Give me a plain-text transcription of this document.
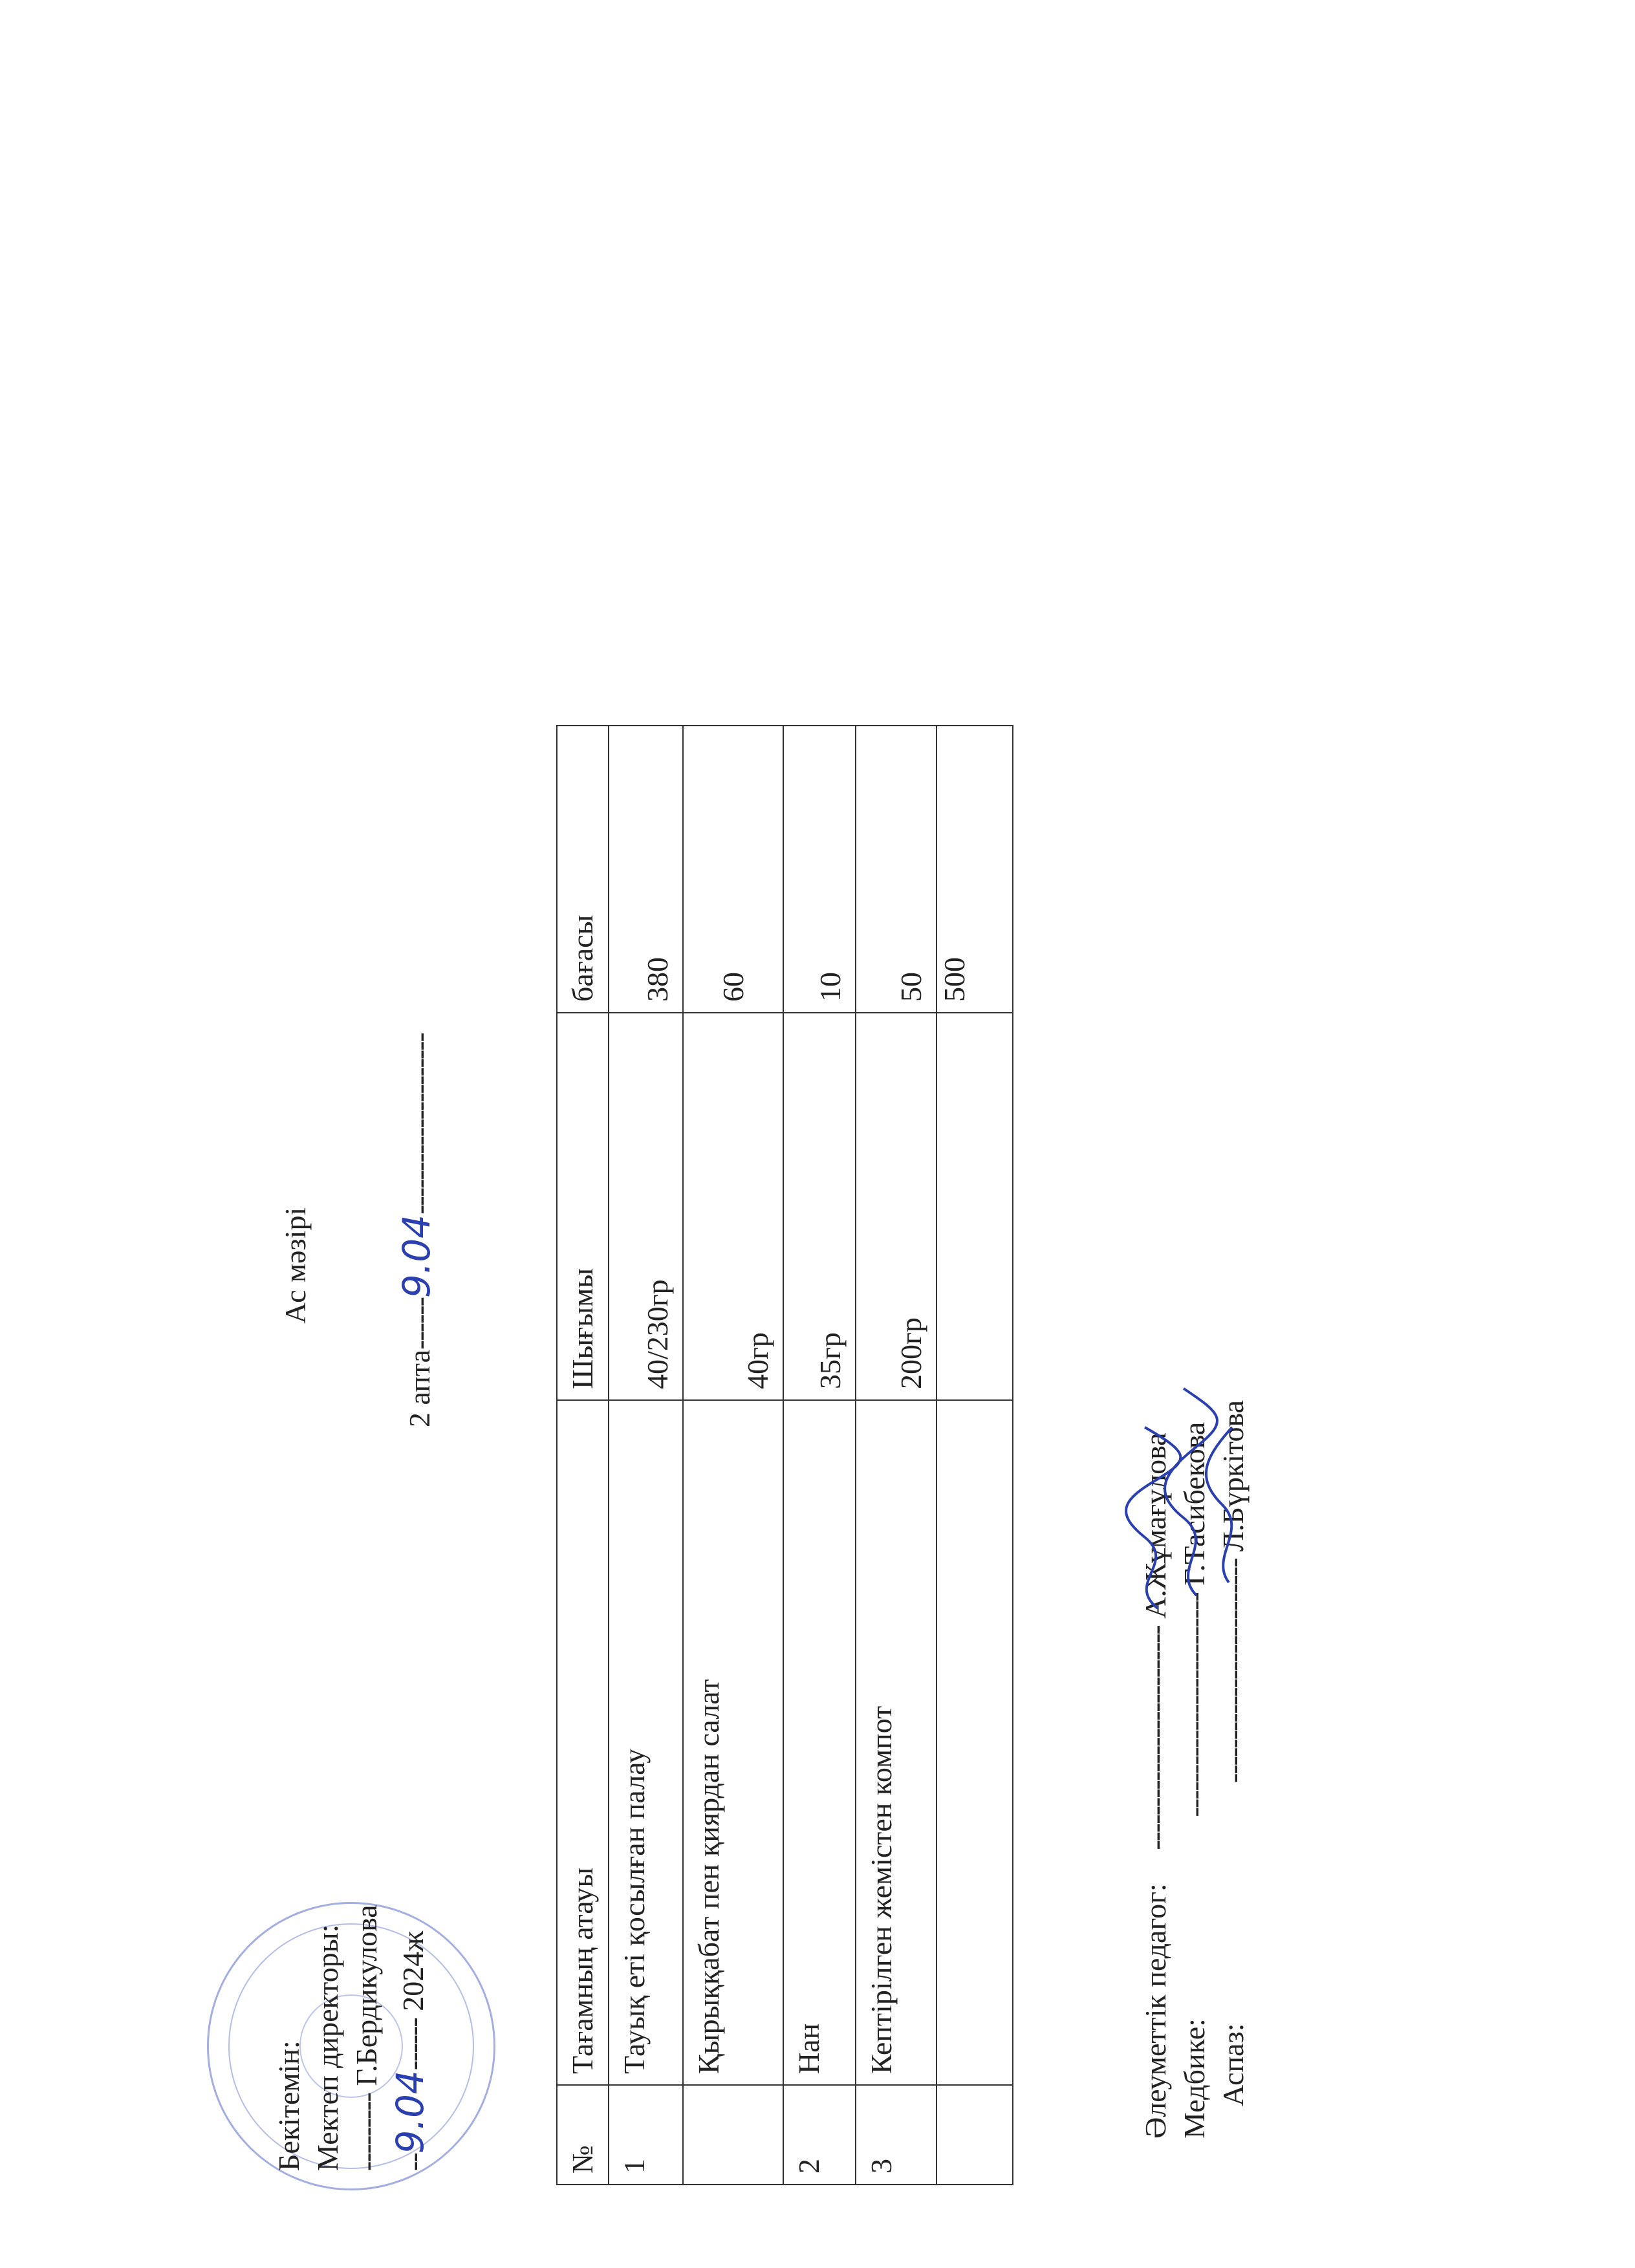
Бекітемін: Мектеп директоры: --------- Г.Бердикулова
--9.04------ 2024ж
Ас мәзірі
2 апта------9.04---------------------
№	Тағамның атауы	Шығымы	бағасы
1	Тауық еті қосылған палау	40/230гр	380
	Қырыққабат пен қиярдан салат	40гр	60
2	Нан	35гр	10
3	Кептірілген жемістен компот	200гр	50
			500
Әлеуметтік педагог: -------------------------- А.Жұмағұлова
Медбике: -------------------------- Г.Тасибекова
Аспаз: -------------------------- Л.Бүркітова
